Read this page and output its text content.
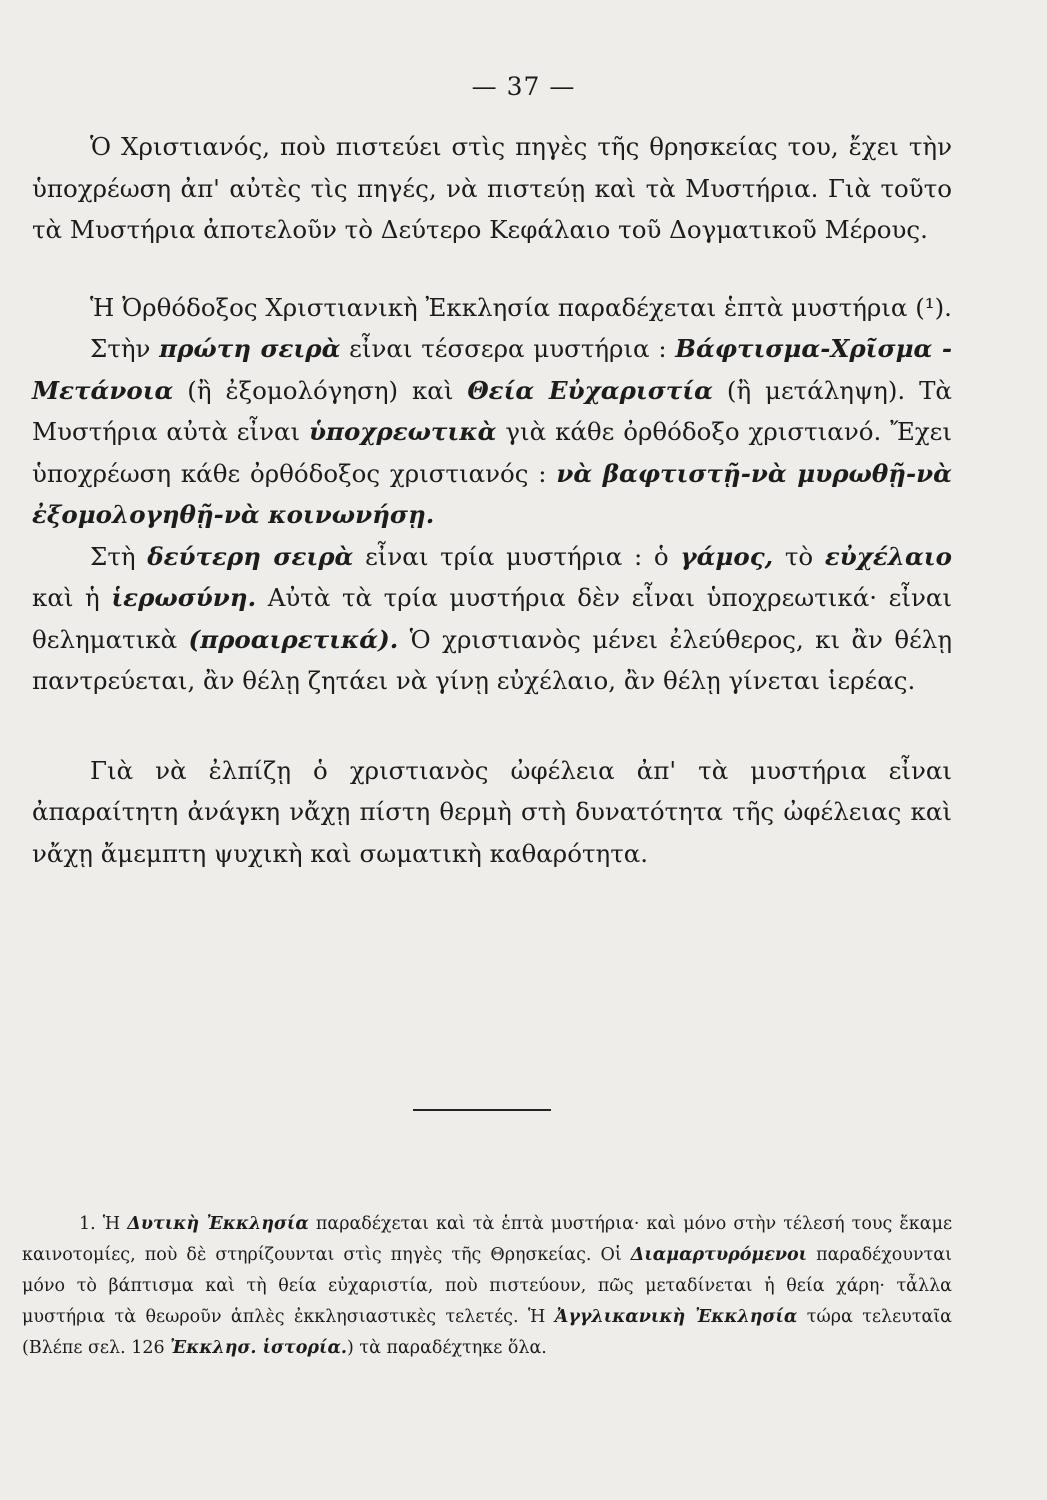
— 37 —

Ὁ Χριστιανός, ποὺ πιστεύει στὶς πηγὲς τῆς θρησκείας του, ἔχει τὴν ὑποχρέωση ἀπ' αὐτὲς τὶς πηγές, νὰ πιστεύῃ καὶ τὰ Μυστήρια. Γιὰ τοῦτο τὰ Μυστήρια ἀποτελοῦν τὸ Δεύτερο Κεφάλαιο τοῦ Δογματικοῦ Μέρους.

Ἡ Ὀρθόδοξος Χριστιανικὴ Ἐκκλησία παραδέχεται ἑπτὰ μυστήρια (¹).

Στὴν πρώτη σειρὰ εἶναι τέσσερα μυστήρια : Βάφτισμα-Χρῖσμα - Μετάνοια (ἢ ἐξομολόγηση) καὶ Θεία Εὐχαριστία (ἢ μετάληψη). Τὰ Μυστήρια αὐτὰ εἶναι ὑποχρεωτικὰ γιὰ κάθε ὀρθόδοξο χριστιανό. Ἔχει ὑποχρέωση κάθε ὀρθόδοξος χριστιανός : νὰ βαφτιστῇ-νὰ μυρωθῇ-νὰ ἐξομολογηθῇ-νὰ κοινωνήσῃ.

Στὴ δεύτερη σειρὰ εἶναι τρία μυστήρια : ὁ γάμος, τὸ εὐχέλαιο καὶ ἡ ἱερωσύνη. Αὐτὰ τὰ τρία μυστήρια δὲν εἶναι ὑποχρεωτικά· εἶναι θεληματικὰ (προαιρετικά). Ὁ χριστιανὸς μένει ἐλεύθερος, κι ἂν θέλῃ παντρεύεται, ἂν θέλῃ ζητάει νὰ γίνῃ εὐχέλαιο, ἂν θέλῃ γίνεται ἱερέας.

Γιὰ νὰ ἐλπίζῃ ὁ χριστιανὸς ὠφέλεια ἀπ' τὰ μυστήρια εἶναι ἀπαραίτητη ἀνάγκη νἄχῃ πίστη θερμὴ στὴ δυνατότητα τῆς ὠφέλειας καὶ νἄχῃ ἄμεμπτη ψυχικὴ καὶ σωματικὴ καθαρότητα.

1. Ἡ Δυτικὴ Ἐκκλησία παραδέχεται καὶ τὰ ἑπτὰ μυστήρια· καὶ μόνο στὴν τέλεσή τους ἔκαμε καινοτομίες, ποὺ δὲ στηρίζουνται στὶς πηγὲς τῆς Θρησκείας. Οἱ Διαμαρτυρόμενοι παραδέχουνται μόνο τὸ βάπτισμα καὶ τὴ θεία εὐχαριστία, ποὺ πιστεύουν, πῶς μεταδίνεται ἡ θεία χάρη· τἆλλα μυστήρια τὰ θεωροῦν ἁπλὲς ἐκκλησιαστικὲς τελετές. Ἡ Ἀγγλικανικὴ Ἐκκλησία τώρα τελευταῖα (Βλέπε σελ. 126 Ἐκκλησ. ἱστορία.) τὰ παραδέχτηκε ὅλα.
